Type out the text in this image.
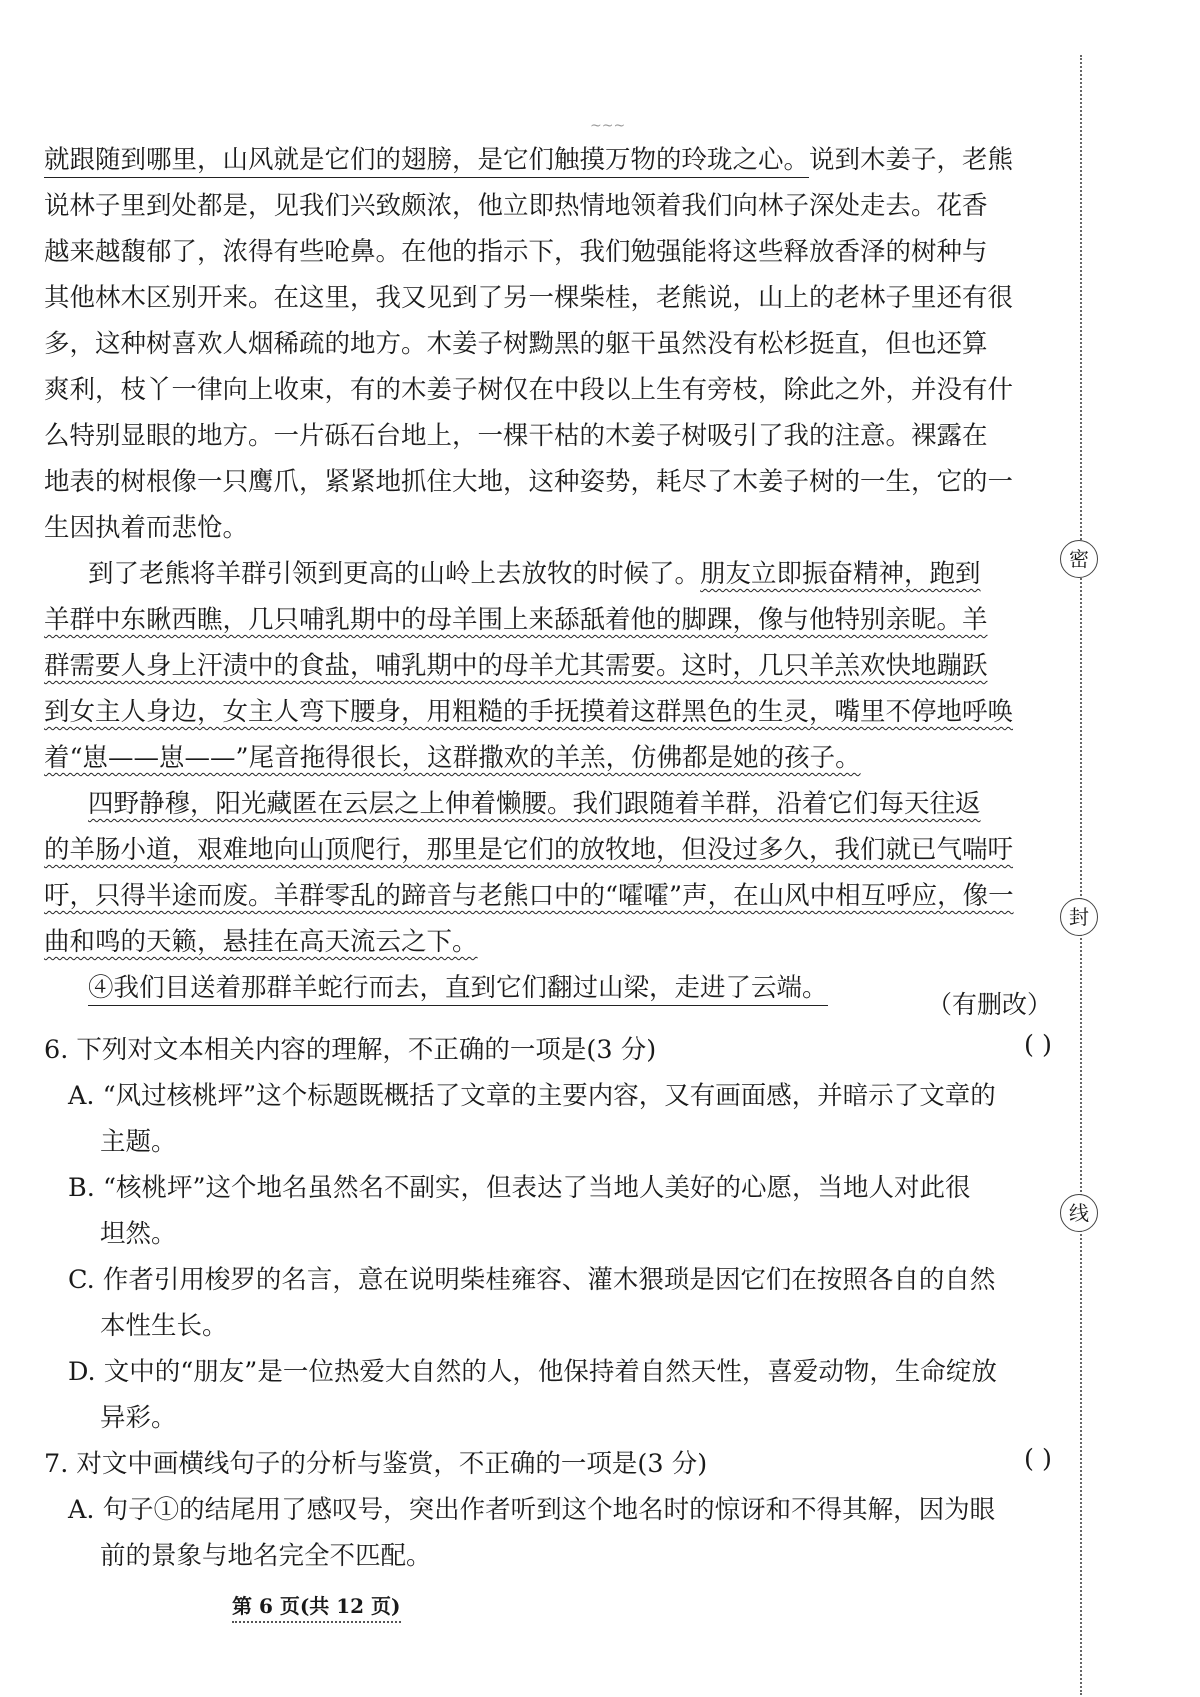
~~~
就跟随到哪里，山风就是它们的翅膀，是它们触摸万物的玲珑之心。说到木姜子，老熊
说林子里到处都是，见我们兴致颇浓，他立即热情地领着我们向林子深处走去。花香
越来越馥郁了，浓得有些呛鼻。在他的指示下，我们勉强能将这些释放香泽的树种与
其他林木区别开来。在这里，我又见到了另一棵柴桂，老熊说，山上的老林子里还有很
多，这种树喜欢人烟稀疏的地方。木姜子树黝黑的躯干虽然没有松杉挺直，但也还算
爽利，枝丫一律向上收束，有的木姜子树仅在中段以上生有旁枝，除此之外，并没有什
么特别显眼的地方。一片砾石台地上，一棵干枯的木姜子树吸引了我的注意。裸露在
地表的树根像一只鹰爪，紧紧地抓住大地，这种姿势，耗尽了木姜子树的一生，它的一
生因执着而悲怆。
到了老熊将羊群引领到更高的山岭上去放牧的时候了。朋友立即振奋精神，跑到
羊群中东瞅西瞧，几只哺乳期中的母羊围上来舔舐着他的脚踝，像与他特别亲昵。羊
群需要人身上汗渍中的食盐，哺乳期中的母羊尤其需要。这时，几只羊羔欢快地蹦跃
到女主人身边，女主人弯下腰身，用粗糙的手抚摸着这群黑色的生灵，嘴里不停地呼唤
着“崽——崽——”尾音拖得很长，这群撒欢的羊羔，仿佛都是她的孩子。
四野静穆，阳光藏匿在云层之上伸着懒腰。我们跟随着羊群，沿着它们每天往返
的羊肠小道，艰难地向山顶爬行，那里是它们的放牧地，但没过多久，我们就已气喘吁
吁，只得半途而废。羊群零乱的蹄音与老熊口中的“嚯嚯”声，在山风中相互呼应，像一
曲和鸣的天籁，悬挂在高天流云之下。
④我们目送着那群羊蛇行而去，直到它们翻过山梁，走进了云端。
（有删改）
6. 下列对文本相关内容的理解，不正确的一项是(3 分)	( )
A. “风过核桃坪”这个标题既概括了文章的主要内容，又有画面感，并暗示了文章的
主题。
B. “核桃坪”这个地名虽然名不副实，但表达了当地人美好的心愿，当地人对此很
坦然。
C. 作者引用梭罗的名言，意在说明柴桂雍容、灌木猥琐是因它们在按照各自的自然
本性生长。
D. 文中的“朋友”是一位热爱大自然的人，他保持着自然天性，喜爱动物，生命绽放
异彩。
7. 对文中画横线句子的分析与鉴赏，不正确的一项是(3 分)	( )
A. 句子①的结尾用了感叹号，突出作者听到这个地名时的惊讶和不得其解，因为眼
前的景象与地名完全不匹配。
第 6 页(共 12 页)
密
封
线
